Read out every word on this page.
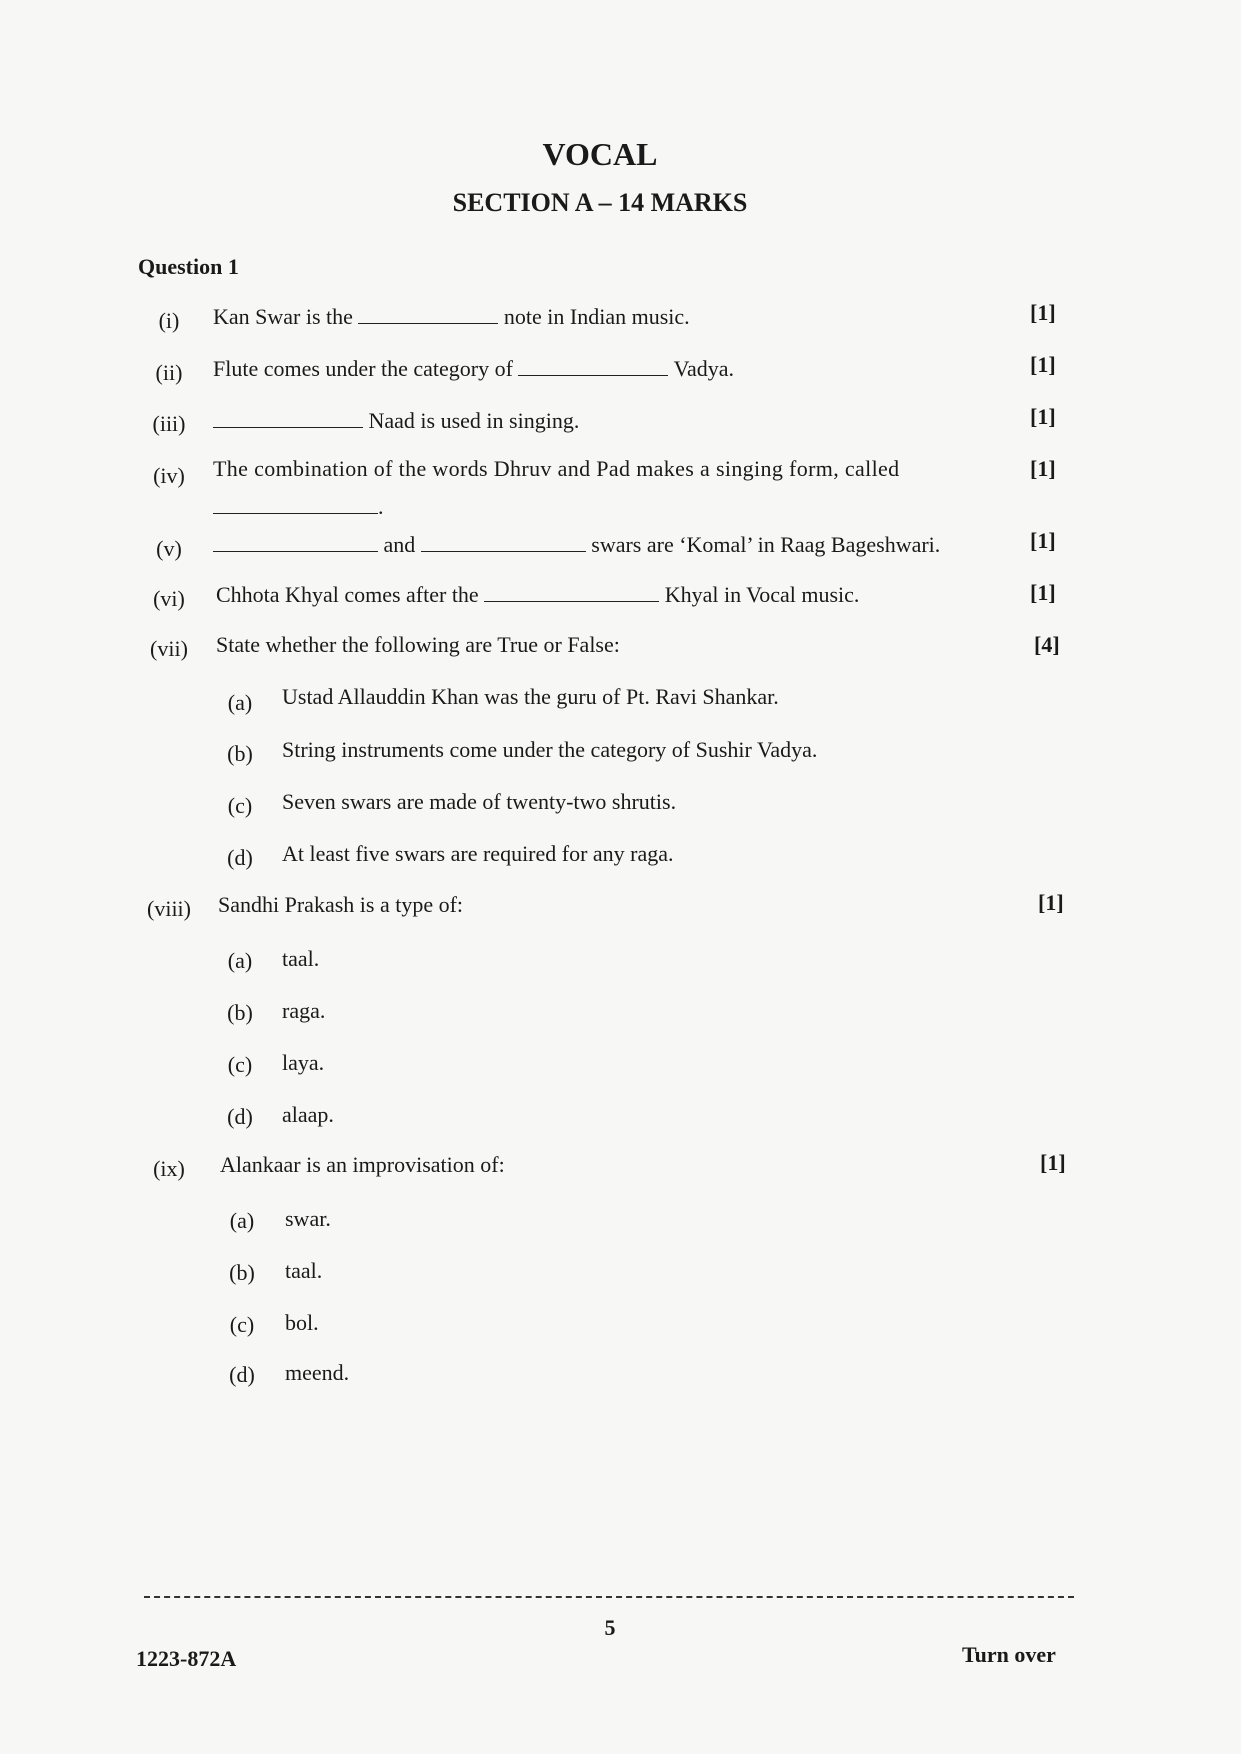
VOCAL
SECTION A – 14 MARKS
Question 1
(i)	Kan Swar is the	note in Indian music.	[1]
(ii)	Flute comes under the category of	Vadya.	[1]
(iii)	Naad is used in singing.	[1]
(iv)	The combination of the words Dhruv and Pad makes a singing form, called
.
[1]
(v)	and	swars are ‘Komal’ in Raag Bageshwari.	[1]
(vi)	Chhota Khyal comes after the	Khyal in Vocal music.	[1]
(vii)	State whether the following are True or False:	[4]
(a)	Ustad Allauddin Khan was the guru of Pt. Ravi Shankar.
(b)	String instruments come under the category of Sushir Vadya.
(c)	Seven swars are made of twenty-two shrutis.
(d)	At least five swars are required for any raga.
(viii)	Sandhi Prakash is a type of:	[1]
(a)	taal.
(b)	raga.
(c)	laya.
(d)	alaap.
(ix)	Alankaar is an improvisation of:	[1]
(a)	swar.
(b)	taal.
(c)	bol.
(d)	meend.
5
1223-872A	Turn over
